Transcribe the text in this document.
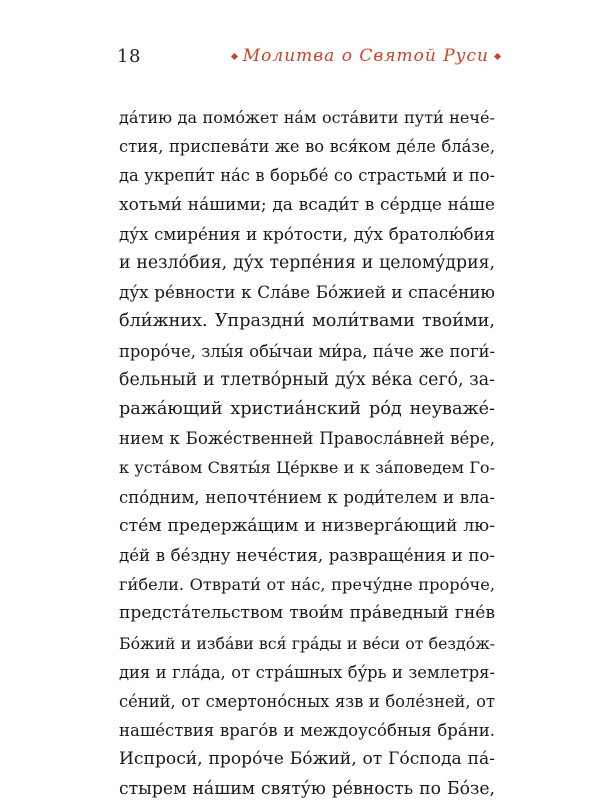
18	Молитва о Святой Руси
да́тию да помо́жет на́м оста́вити пути́ нече́-
стия, приспева́ти же во вся́ком де́ле бла́зе,
да укрепи́т на́с в борьбе́ со страстьми́ и по-
хотьми́ на́шими; да всади́т в се́рдце на́ше
ду́х смире́ния и кро́тости, ду́х братолю́бия
и незло́бия, ду́х терпе́ния и целому́дрия,
ду́х ре́вности к Сла́ве Бо́жией и спасе́нию
бли́жних. Упраздни́ моли́твами твои́ми,
проро́че, злы́я обы́чаи ми́ра, па́че же поги́-
бельный и тлетво́рный ду́х ве́ка сего́, за-
ража́ющий христиа́нский ро́д неуваже́-
нием к Боже́ственней Правосла́вней ве́ре,
к уста́вом Святы́я Це́ркве и к за́поведем Го-
спо́дним, непочте́нием к роди́телем и вла-
сте́м предержа́щим и низверга́ющий лю-
де́й в бе́здну нече́стия, развраще́ния и по-
ги́бели. Отврати́ от на́с, пречу́дне проро́че,
предста́тельством твои́м пра́ведный гне́в
Бо́жий и изба́ви вся́ гра́ды и ве́си от бездо́ж-
дия и гла́да, от стра́шных бу́рь и землетря-
се́ний, от смертоно́сных язв и боле́зней, от
наше́ствия враго́в и междоусо́бныя бра́ни.
Испроси́, проро́че Бо́жий, от Го́спода па́-
стырем на́шим святу́ю ре́вность по Бо́зе,
